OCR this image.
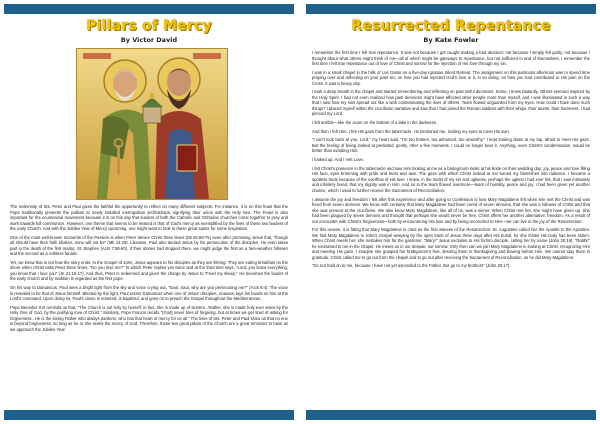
Pillars of Mercy
By Victor David

The Solemnity of Sts. Peter and Paul gives the faithful the opportunity to reflect on many different subjects. For instance, it is on this feast that the Pope traditionally presents the pallium to newly installed metropolitan archbishops, signifying their union with the Holy See. The Feast is also important for the ecumenical movement because it is on this day that leaders of both the Catholic and Orthodox churches come together to pray and work towards full communion. However, one theme that seems to be missed is that of God's mercy as exemplified by the lives of these two leaders of the early Church. And with the Jubilee Year of Mercy upcoming, one might want to look to these great saints for some inspiration.

One of the most well-known moments of the Passion is when Peter denies Christ three times (Mt 26:69-75) even after promising Jesus that, "though all should have their faith shaken, mine will not be" (Mk 14:29). Likewise, Paul also denied Jesus by his persecution of the disciples. He even takes part in the death of the first martyr, St. Stephen (Acts 7:58-60). If their stories had stopped there, we might judge the first as a fare-weather follower and the second as a ruthless fanatic.

Yet, we know that is not how the story ends. In the Gospel of John, Jesus appears to his disciples as they are fishing. They are eating breakfast on the shore when Christ asks Peter three times, "Do you love me?" to which Peter replies yes twice and at the third time says, "Lord, you know everything; you know that I love you" (Jn 21:15-17). And thus, Peter is redeemed and given the charge by Jesus to "Feed my sheep." He becomes the leader of the early church and by tradition is regarded as the first pope.

On his way to Damascus, Paul sees a bright light from the sky and voice crying out, "Saul, Saul, why are you persecuting me?" (Acts 9:4). The voice is revealed to be that of Jesus himself. Blinded by the light, Paul enters Damascus when one of Jesus' disciples, Ananias, lays his hands on him at the Lord's command. Upon doing so, Paul's vision is restored, is baptized, and goes on to preach the Gospel throughout the Mediterranean.

Pope Benedict XVI reminds us that, "The Church is not holy by herself; in fact, she is made up of sinners...Rather, she is made holy ever anew by the Holy One of God, by the purifying love of Christ." Similarly, Pope Francis recalls "[God] never tires of forgiving, but at times we get tired of asking for forgiveness...He is the loving Father who always pardons, who has that heart of mercy for us all." The lives of Sts. Peter and Paul show us that no one is beyond forgiveness, so long as he or she seeks the mercy of God. Therefore, these two great pillars of the Church are a great reminder to have as we approach the Jubilee Year.

Resurrected Repentance
By Kate Fowler

I remember the first time I felt true repentance. It was not because I got caught making a bad decision; not because I simply felt guilty; not because I thought about what others might think of me—all of which might be gateways to repentance, but not sufficient in and of themselves. I remember the first time I felt true repentance out of love of Christ and sorrow for the rejection of His love through my sin.

I was in a small chapel in the hills of Los Gatos on a five-day Ignatian Silent Retreat. The assignment on this particular afternoon was to spend time praying over and reflecting on your past sin, on how you had rejected God's love in it, in so doing, on how you had contributed to His pain on the Cross. It was a heavy day.

I took a deep breath in the chapel and started remembering and reflecting on past sinful decisions. Some, I knew blatantly. Others seemed inspired by the Holy Spirit. I had not even realized how past decisions might have affected other people more than myself, and I was illuminated in such a way that I saw how my sins spread out like a web contaminating the lives of others. Tears flowed unguarded from my eyes. How could I have done such things? I placed myself within the crucifixion narrative and saw that I had joined the Roman soldiers with their whips, their taunts, their hammers. I had pierced my Lord.

I felt terrible—like the scum on the bottom of a lake in the darkness.

And then I felt Him. I felt His gaze from the tabernacle. He beckoned me, inviting my eyes to meet His own.

"I can't look back at you, Lord," my heart said. "I'm too broken, too ashamed, too unworthy." I kept looking down at my lap, afraid to meet His gaze. But the feeling of being looked at persisted, gently. After a few moments, I could no longer bear it. Anything, even Christ's condemnation, would be better than avoiding Him.

I looked up. And I met Love.

I felt Christ's presence in the tabernacle and saw Him looking at me as a bridegroom looks at his bride on their wedding day: joy, peace and love filling His face, eyes brimming with pride and tears and awe. The gaze with which Christ looked at me turned my blemishes into radiance. I became a spotless bride because of the overflow of His love. I knew, in the midst of my sin and ugliness, perhaps the ugliest I had ever felt, that I was intimately and infinitely loved, that my dignity was in Him. And so in the tears flowed overmore—tears of humility, peace and joy. I had been given yet another chance, which I used to further receive the Sacrament of Reconciliation.

I assume the joy and freedom I felt after this experience and after going to Confession is how Mary Magdalene felt when she met the Christ and was freed from seven demons. We know with certainty that Mary Magdalene had been cured of seven demons, that she was a follower of Christ and that she was present at the crucifixion. We also know Mary Magdalene, like all of us, was a sinner. When Christ met her, she might have given up. She had been plagued by seven demons and thought that perhaps she would never be free. Christ offers her another alternative: freedom. As a result of our encounter with Christ's forgiveness—both by encountering His love and by being reconciled to Him—we can live in the joy of the Resurrection.

For this reason, it is fitting that Mary Magdalene is cited as the first witness of the Resurrection. St. Augustine called her the Apostle to the Apostles. We find Mary Magdalene in John's Gospel weeping by the open tomb of Jesus three days after His burial, for she thinks His body has been stolen. When Christ meets her, she mistakes him for the gardener. "Mary!" Jesus exclaims to His forlorn disciple, calling her by name (John 20:16). "Rabbi!" he exclaimed to me in the chapel. He meets us in our despair, our sorrow. Only then can we join Mary Magdalene in looking at Christ, recognizing Him and meeting His gaze. I imagine she grasped her bridegroom's feet, desiring them in thanksgiving and bowing before Him. We cannot stay there in gratitude. Christ called me to go out from the chapel and to go out after receiving the Sacrament of Reconciliation, as he did Mary Magdalene:

"Do not hold on to me, because I have not yet ascended to the Father. But go to my brothers" (John 20:17).
